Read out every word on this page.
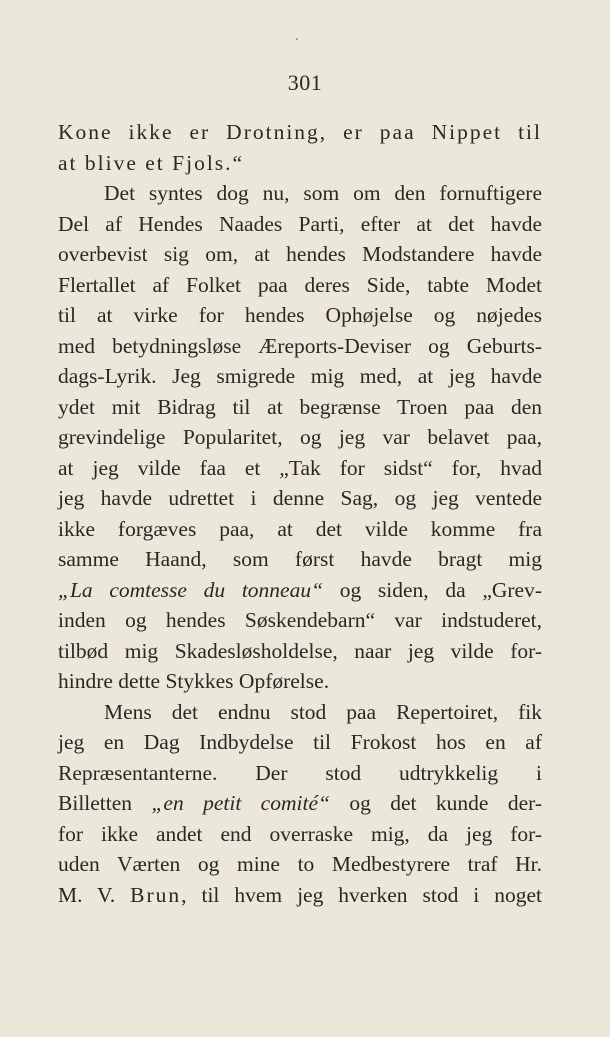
301
Kone ikke er Drotning, er paa Nippet til
at blive et Fjols.“
Det syntes dog nu, som om den fornuftigere
Del af Hendes Naades Parti, efter at det havde
overbevist sig om, at hendes Modstandere havde
Flertallet af Folket paa deres Side, tabte Modet
til at virke for hendes Ophøjelse og nøjedes
med betydningsløse Æreports-Deviser og Geburts-
dags-Lyrik. Jeg smigrede mig med, at jeg havde
ydet mit Bidrag til at begrænse Troen paa den
grevindelige Popularitet, og jeg var belavet paa,
at jeg vilde faa et „Tak for sidst“ for, hvad
jeg havde udrettet i denne Sag, og jeg ventede
ikke forgæves paa, at det vilde komme fra
samme Haand, som først havde bragt mig
„La comtesse du tonneau“ og siden, da „Grev-
inden og hendes Søskendebarn“ var indstuderet,
tilbød mig Skadesløsholdelse, naar jeg vilde for-
hindre dette Stykkes Opførelse.
Mens det endnu stod paa Repertoiret, fik
jeg en Dag Indbydelse til Frokost hos en af
Repræsentanterne. Der stod udtrykkelig i
Billetten „en petit comité“ og det kunde der-
for ikke andet end overraske mig, da jeg for-
uden Værten og mine to Medbestyrere traf Hr.
M. V. Brun, til hvem jeg hverken stod i noget
